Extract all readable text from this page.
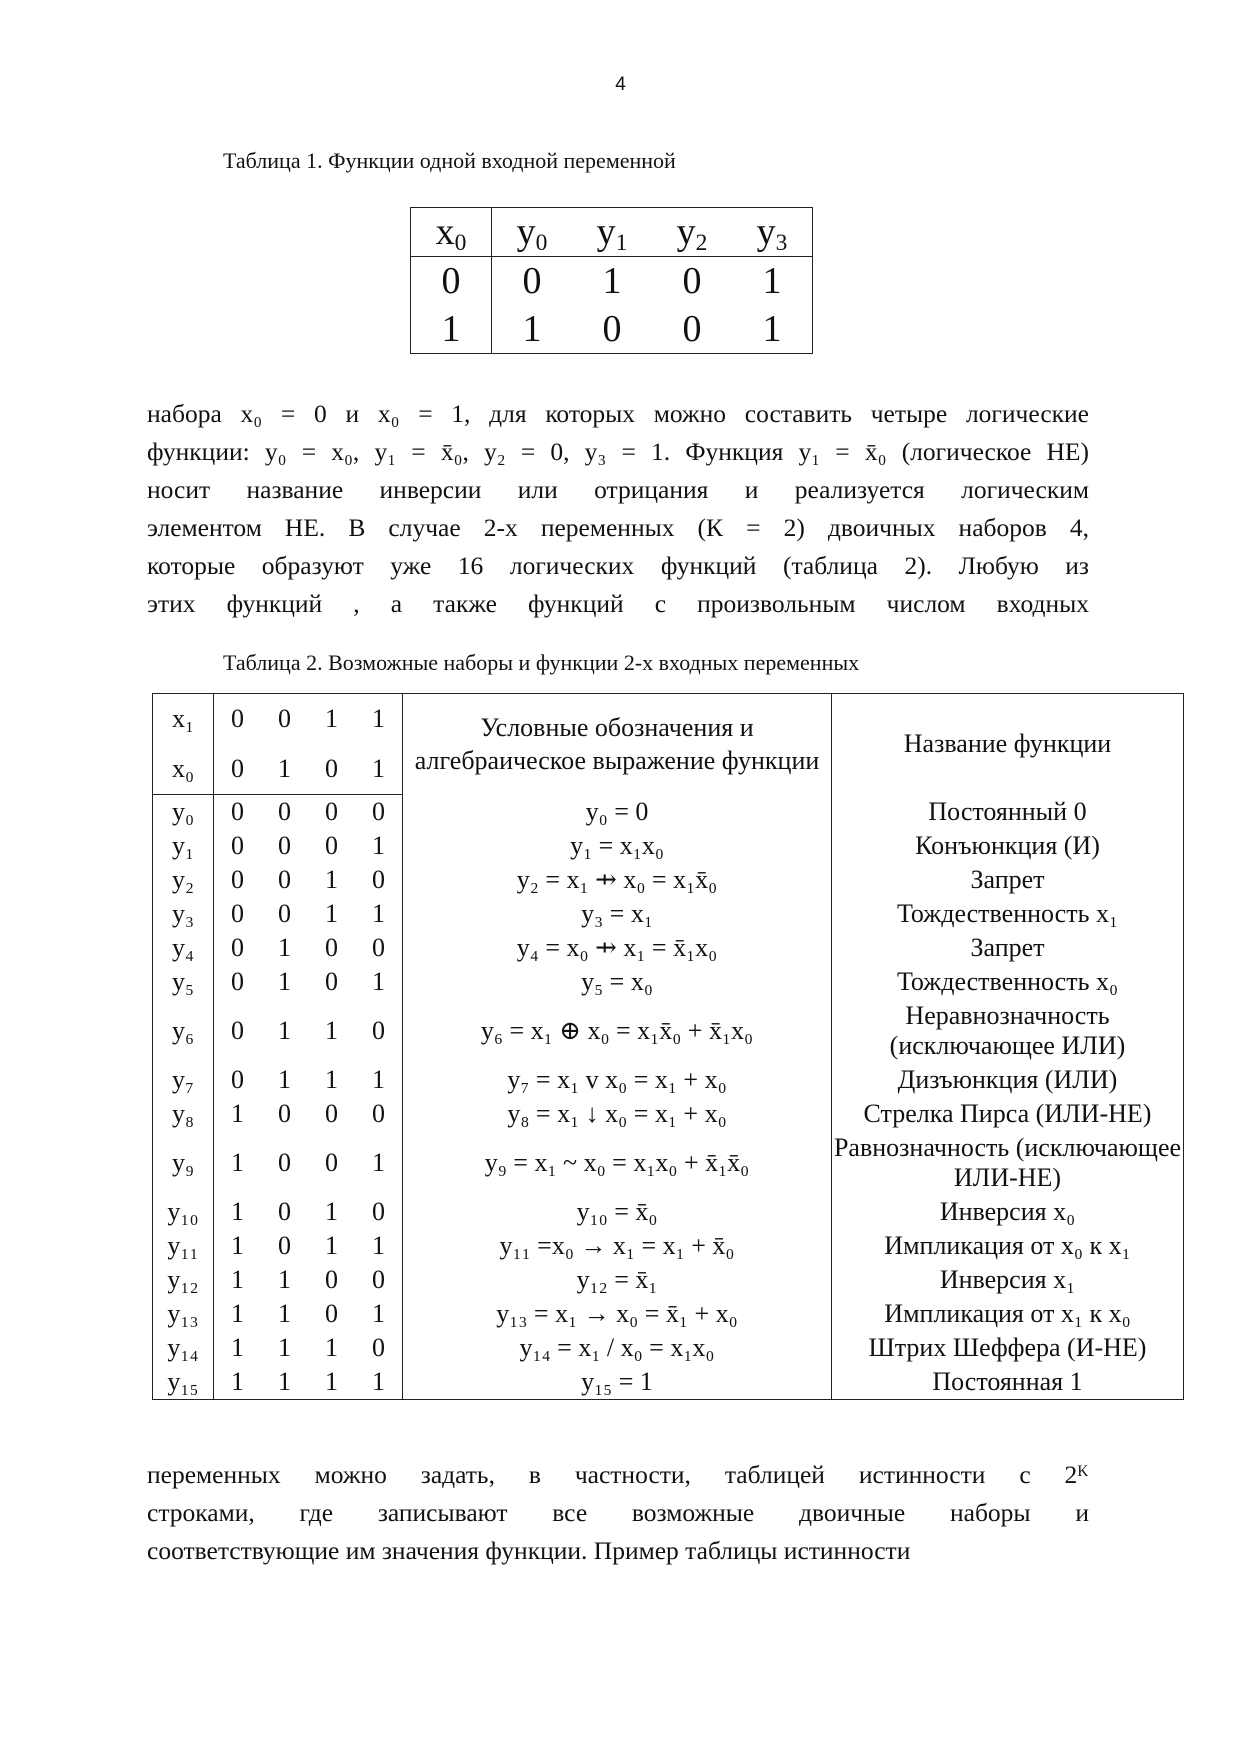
4
Таблица 1. Функции одной входной переменной
$x_0$	$y_0$	$y_1$	$y_2$	$y_3$
0	0	1	0	1
1	1	0	0	1
набора x₀ = 0 и x₀ = 1, для которых можно составить четыре логические
функции: y₀ = x₀, y₁ = x̄₀, y₂ = 0, y₃ = 1. Функция y₁ = x̄₀ (логическое НЕ)
носит название инверсии или отрицания и реализуется логическим
элементом НЕ. В случае 2-х переменных (К = 2) двоичных наборов 4,
которые образуют уже 16 логических функций (таблица 2). Любую из
этих функций , а также функций с произвольным числом входных
Таблица 2. Возможные наборы и функции 2-х входных переменных
x₁	0	0	1	1	Условные обозначения и алгебраическое выражение функции	Название функции
x₀	0	1	0	1		
y₀	0	0	0	0	y₀ = 0	Постоянный 0
y₁	0	0	0	1	y₁ = x₁x₀	Конъюнкция (И)
y₂	0	0	1	0	y₂ = x₁ ⇸ x₀ = x₁x̄₀	Запрет
y₃	0	0	1	1	y₃ = x₁	Тождественность x₁
y₄	0	1	0	0	y₄ = x₀ ⇸ x₁ = x̄₁x₀	Запрет
y₅	0	1	0	1	y₅ = x₀	Тождественность x₀
y₆	0	1	1	0	y₆ = x₁ ⊕ x₀ = x₁x̄₀ + x̄₁x₀	Неравнозначность (исключающее ИЛИ)
y₇	0	1	1	1	y₇ = x₁ v x₀ = x₁ + x₀	Дизъюнкция (ИЛИ)
y₈	1	0	0	0	y₈ = x₁ ↓ x₀ = x₁ + x₀	Стрелка Пирса (ИЛИ-НЕ)
y₉	1	0	0	1	y₉ = x₁ ~ x₀ = x₁x₀ + x̄₁x̄₀	Равнозначность (исключающее ИЛИ-НЕ)
y₁₀	1	0	1	0	y₁₀ = x̄₀	Инверсия x₀
y₁₁	1	0	1	1	y₁₁ =x₀ → x₁ = x₁ + x̄₀	Импликация от x₀ к x₁
y₁₂	1	1	0	0	y₁₂ = x̄₁	Инверсия x₁
y₁₃	1	1	0	1	y₁₃ = x₁ → x₀ = x̄₁ + x₀	Импликация от x₁ к x₀
y₁₄	1	1	1	0	y₁₄ = x₁ / x₀ = x₁x₀	Штрих Шеффера (И-НЕ)
y₁₅	1	1	1	1	y₁₅ = 1	Постоянная 1
переменных можно задать, в частности, таблицей истинности с 2ᴷ
строками, где записывают все возможные двоичные наборы и
соответствующие им значения функции. Пример таблицы истинности
